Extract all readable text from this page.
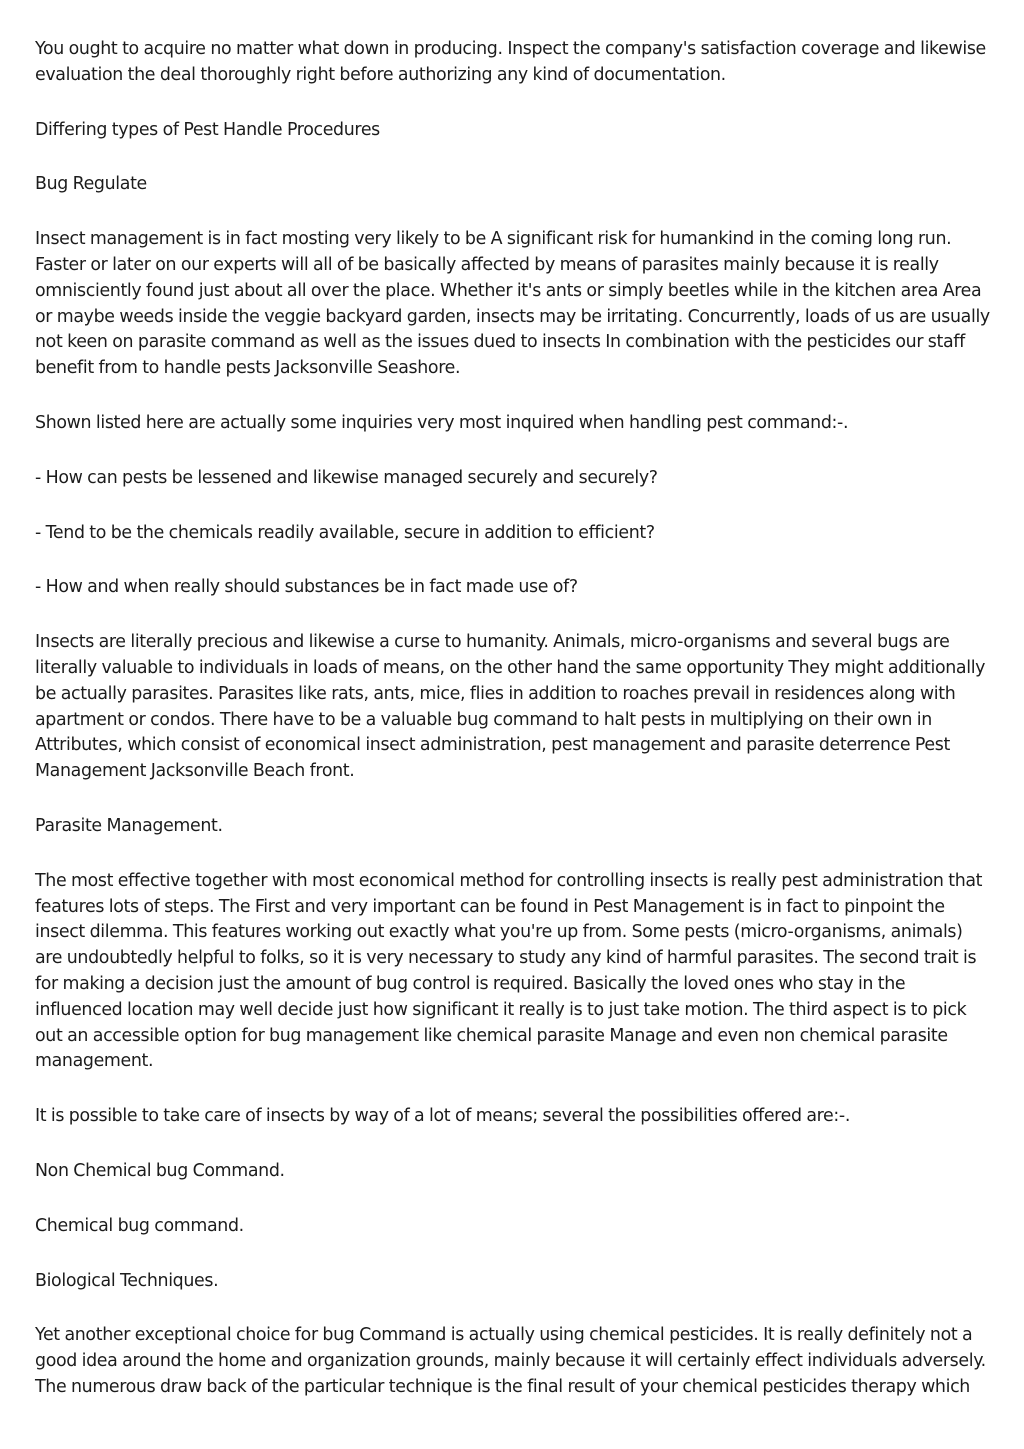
You ought to acquire no matter what down in producing. Inspect the company's satisfaction coverage and likewise evaluation the deal thoroughly right before authorizing any kind of documentation.

Differing types of Pest Handle Procedures

Bug Regulate

Insect management is in fact mosting very likely to be A significant risk for humankind in the coming long run. Faster or later on our experts will all of be basically affected by means of parasites mainly because it is really omnisciently found just about all over the place. Whether it's ants or simply beetles while in the kitchen area Area or maybe weeds inside the veggie backyard garden, insects may be irritating. Concurrently, loads of us are usually not keen on parasite command as well as the issues dued to insects In combination with the pesticides our staff benefit from to handle pests Jacksonville Seashore.

Shown listed here are actually some inquiries very most inquired when handling pest command:-.

- How can pests be lessened and likewise managed securely and securely?

- Tend to be the chemicals readily available, secure in addition to efficient?

- How and when really should substances be in fact made use of?

Insects are literally precious and likewise a curse to humanity. Animals, micro-organisms and several bugs are literally valuable to individuals in loads of means, on the other hand the same opportunity They might additionally be actually parasites. Parasites like rats, ants, mice, flies in addition to roaches prevail in residences along with apartment or condos. There have to be a valuable bug command to halt pests in multiplying on their own in Attributes, which consist of economical insect administration, pest management and parasite deterrence Pest Management Jacksonville Beach front.

Parasite Management.

The most effective together with most economical method for controlling insects is really pest administration that features lots of steps. The First and very important can be found in Pest Management is in fact to pinpoint the insect dilemma. This features working out exactly what you're up from. Some pests (micro-organisms, animals) are undoubtedly helpful to folks, so it is very necessary to study any kind of harmful parasites. The second trait is for making a decision just the amount of bug control is required. Basically the loved ones who stay in the influenced location may well decide just how significant it really is to just take motion. The third aspect is to pick out an accessible option for bug management like chemical parasite Manage and even non chemical parasite management.

It is possible to take care of insects by way of a lot of means; several the possibilities offered are:-.

Non Chemical bug Command.

Chemical bug command.

Biological Techniques.

Yet another exceptional choice for bug Command is actually using chemical pesticides. It is really definitely not a good idea around the home and organization grounds, mainly because it will certainly effect individuals adversely. The numerous draw back of the particular technique is the final result of your chemical pesticides therapy which
